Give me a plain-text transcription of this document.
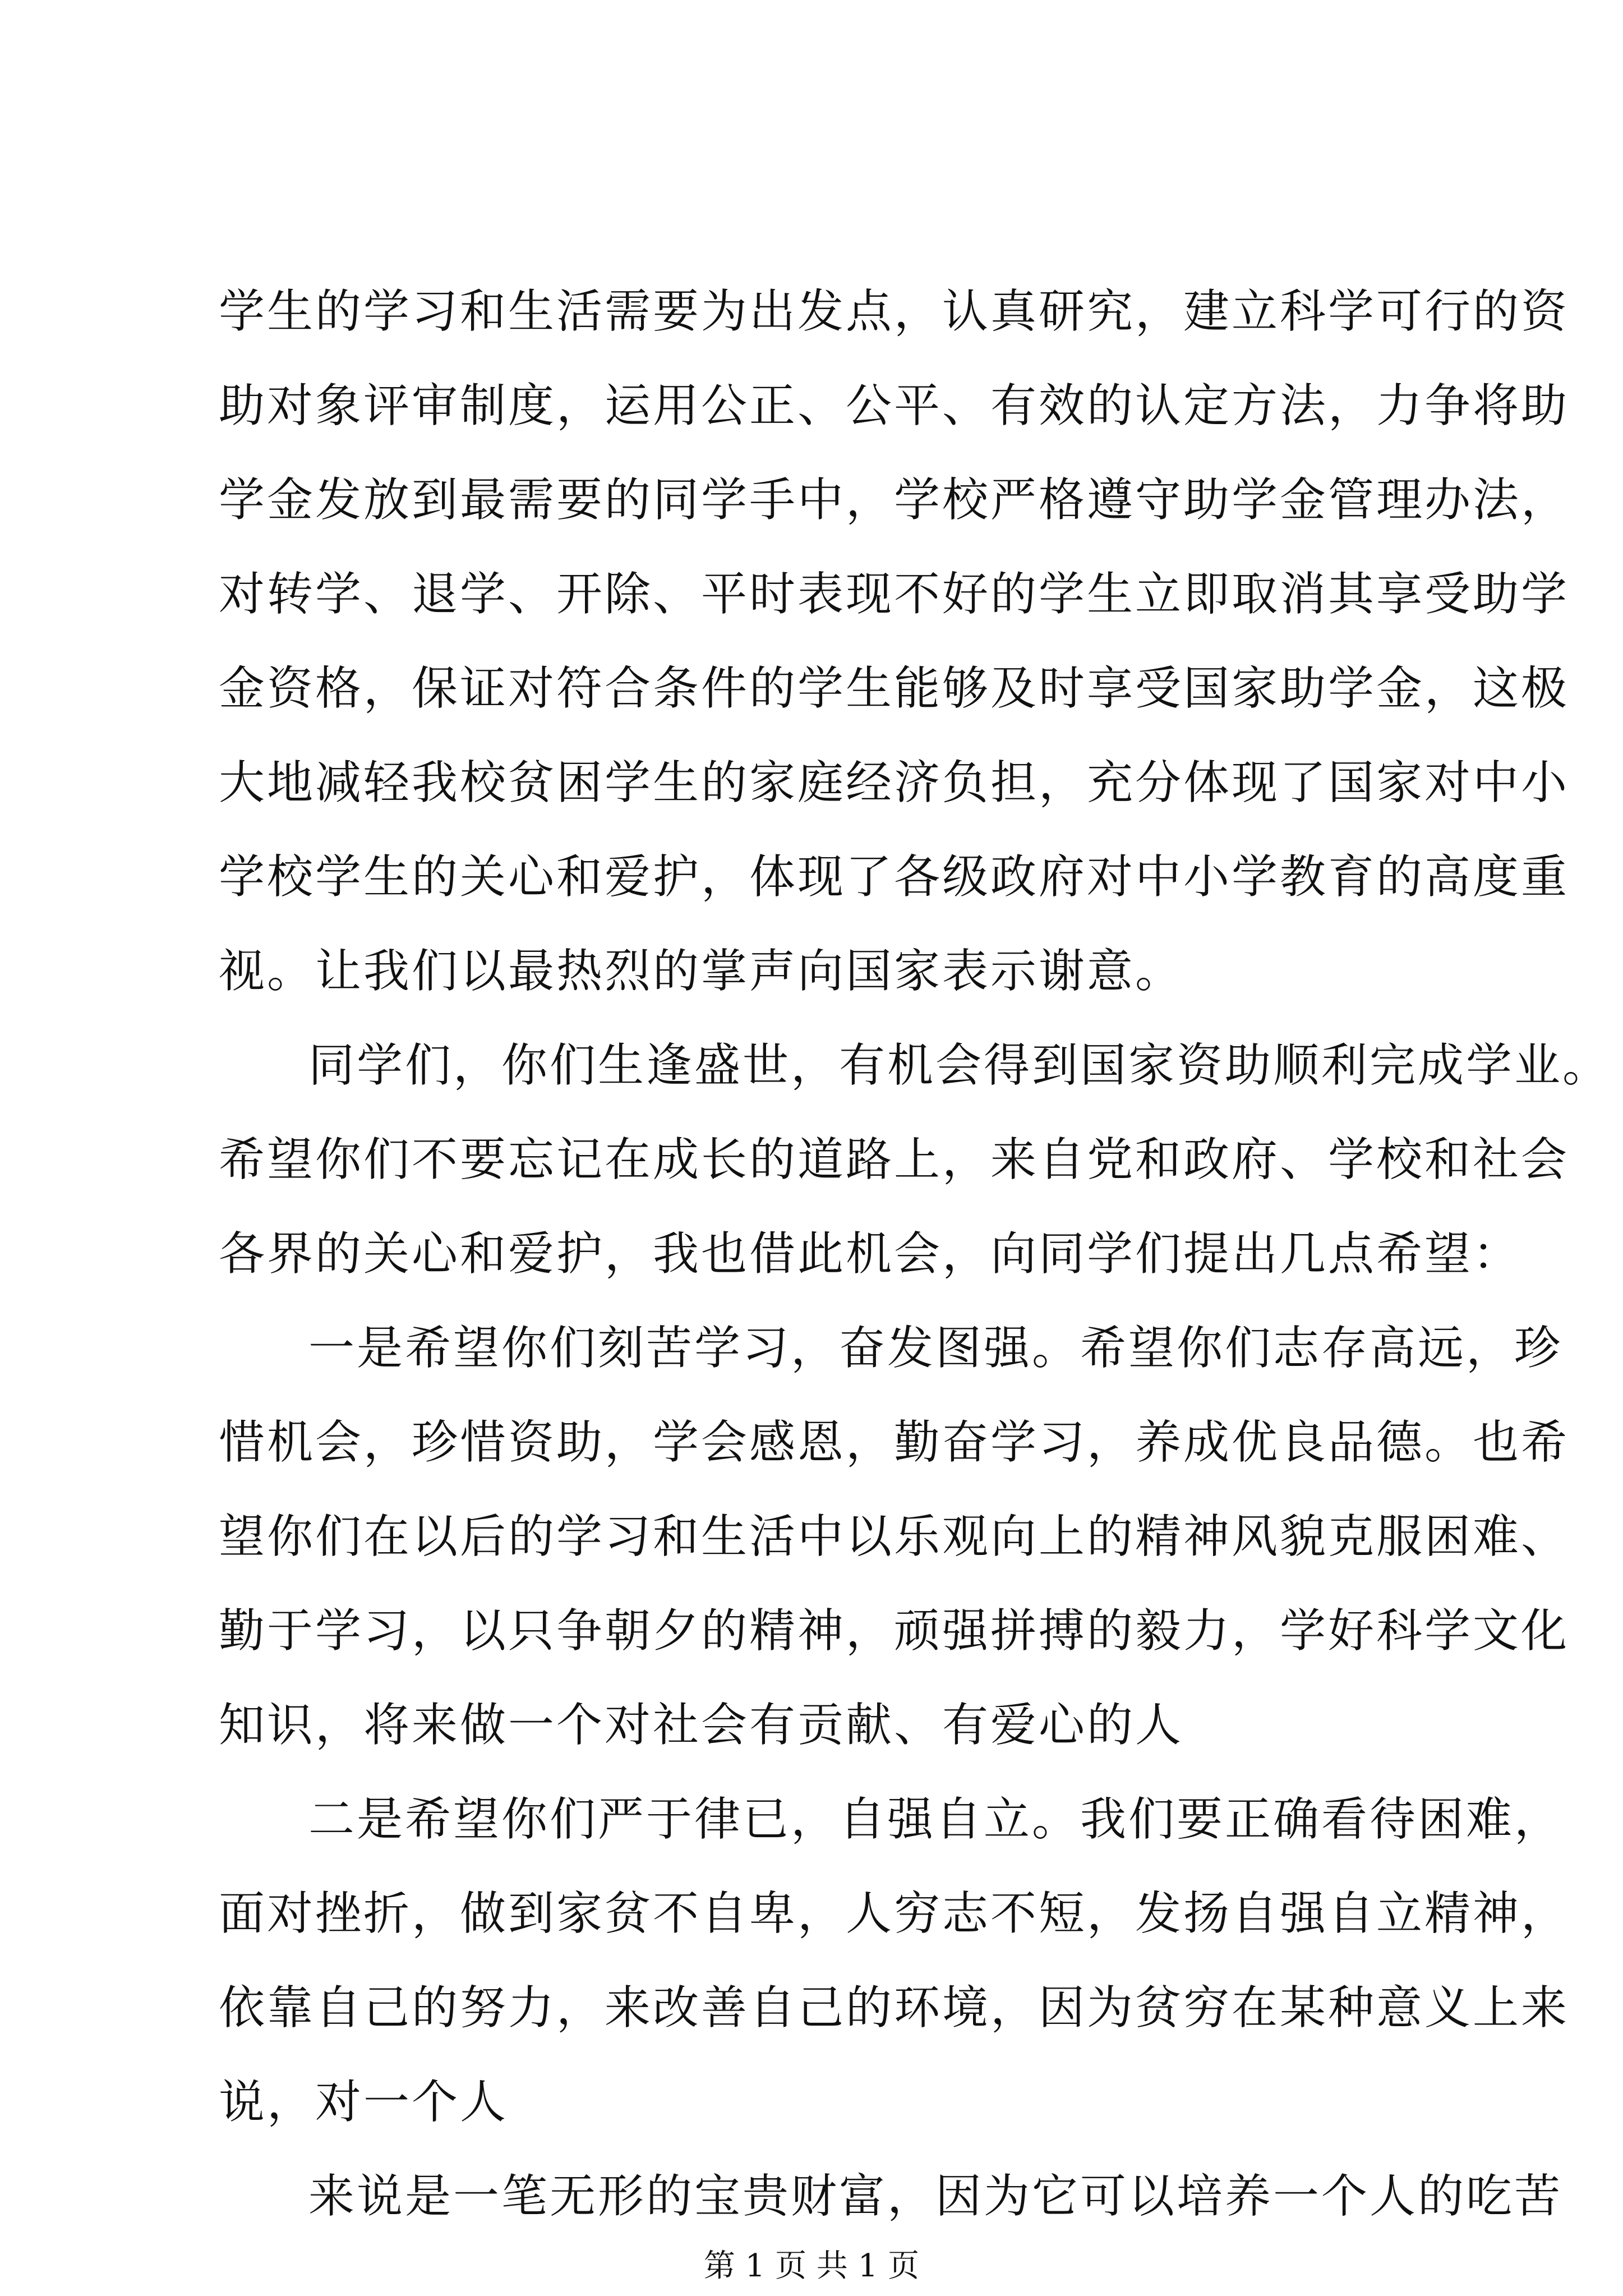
学生的学习和生活需要为出发点，认真研究，建立科学可行的资
助对象评审制度，运用公正、公平、有效的认定方法，力争将助
学金发放到最需要的同学手中，学校严格遵守助学金管理办法，
对转学、退学、开除、平时表现不好的学生立即取消其享受助学
金资格，保证对符合条件的学生能够及时享受国家助学金，这极
大地减轻我校贫困学生的家庭经济负担，充分体现了国家对中小
学校学生的关心和爱护，体现了各级政府对中小学教育的高度重
视。让我们以最热烈的掌声向国家表示谢意。
同学们，你们生逢盛世，有机会得到国家资助顺利完成学业。
希望你们不要忘记在成长的道路上，来自党和政府、学校和社会
各界的关心和爱护，我也借此机会，向同学们提出几点希望：
一是希望你们刻苦学习，奋发图强。希望你们志存高远，珍
惜机会，珍惜资助，学会感恩，勤奋学习，养成优良品德。也希
望你们在以后的学习和生活中以乐观向上的精神风貌克服困难、
勤于学习，以只争朝夕的精神，顽强拼搏的毅力，学好科学文化
知识，将来做一个对社会有贡献、有爱心的人
二是希望你们严于律已，自强自立。我们要正确看待困难，
面对挫折，做到家贫不自卑，人穷志不短，发扬自强自立精神，
依靠自己的努力，来改善自己的环境，因为贫穷在某种意义上来
说，对一个人
来说是一笔无形的宝贵财富，因为它可以培养一个人的吃苦
第 1 页 共 1 页
